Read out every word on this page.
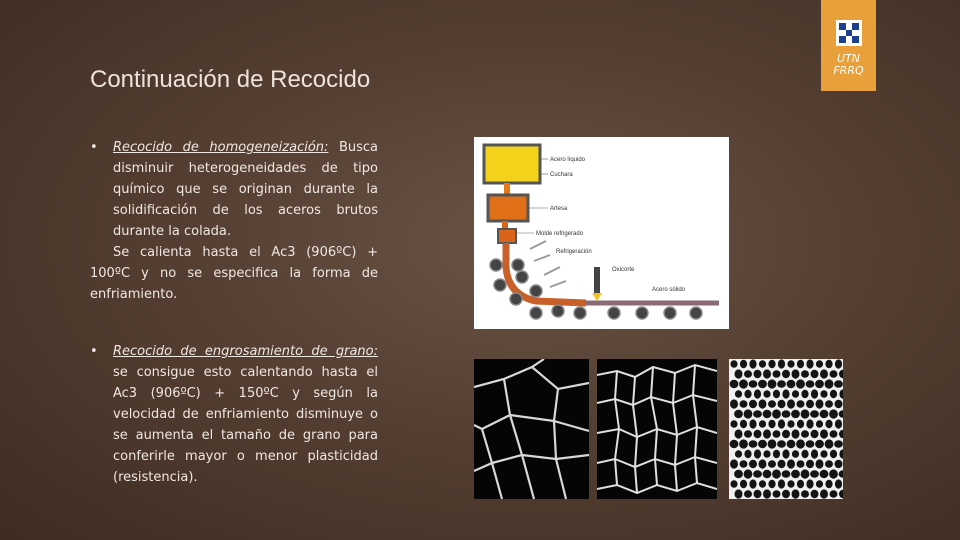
Continuación de Recocido
UTN
FRRQ
•	Recocido de homogeneización: Busca disminuir heterogeneidades de tipo químico que se originan durante la solidificación de los aceros brutos durante la colada.
Se calienta hasta el Ac3 (906ºC) + 100ºC y no se especifica la forma de enfriamiento.
•	Recocido de engrosamiento de grano: se consigue esto calentando hasta el Ac3 (906ºC) + 150ºC y según la velocidad de enfriamiento disminuye o se aumenta el tamaño de grano para conferirle mayor o menor plasticidad (resistencia).
Acero líquido
Cuchara
Artesa
Molde refrigerado
Refrigeración
Oxicorte
Acero sólido
